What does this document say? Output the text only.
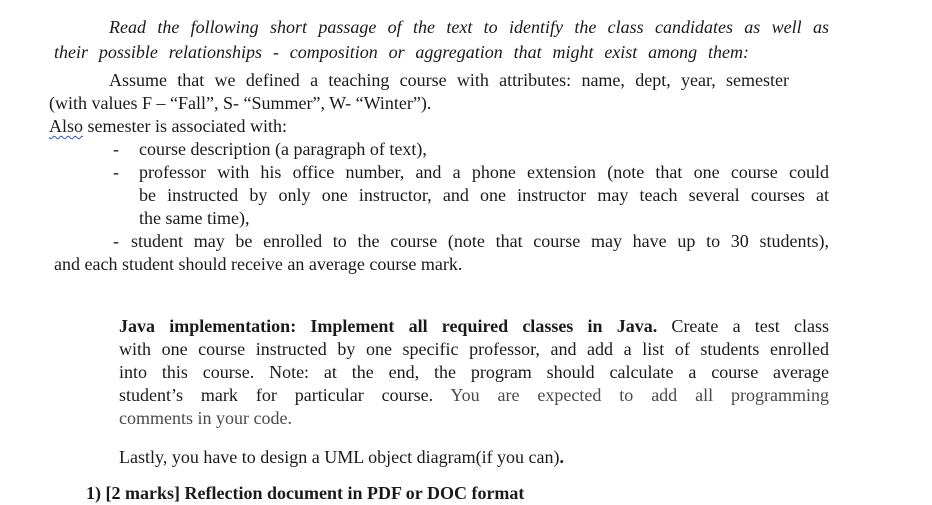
Read the following short passage of the text to identify the class candidates as well as
their possible relationships - composition or aggregation that might exist among them:
Assume that we defined a teaching course with attributes: name, dept, year, semester
(with values F – “Fall”, S- “Summer”, W- “Winter”).
Also semester is associated with:
- course description (a paragraph of text),
- professor with his office number, and a phone extension (note that one course could
be instructed by only one instructor, and one instructor may teach several courses at
the same time),
- student may be enrolled to the course (note that course may have up to 30 students),
and each student should receive an average course mark.
Java implementation: Implement all required classes in Java. Create a test class
with one course instructed by one specific professor, and add a list of students enrolled
into this course. Note: at the end, the program should calculate a course average
student’s mark for particular course. You are expected to add all programming
comments in your code.
Lastly, you have to design a UML object diagram(if you can).
1) [2 marks] Reflection document in PDF or DOC format
